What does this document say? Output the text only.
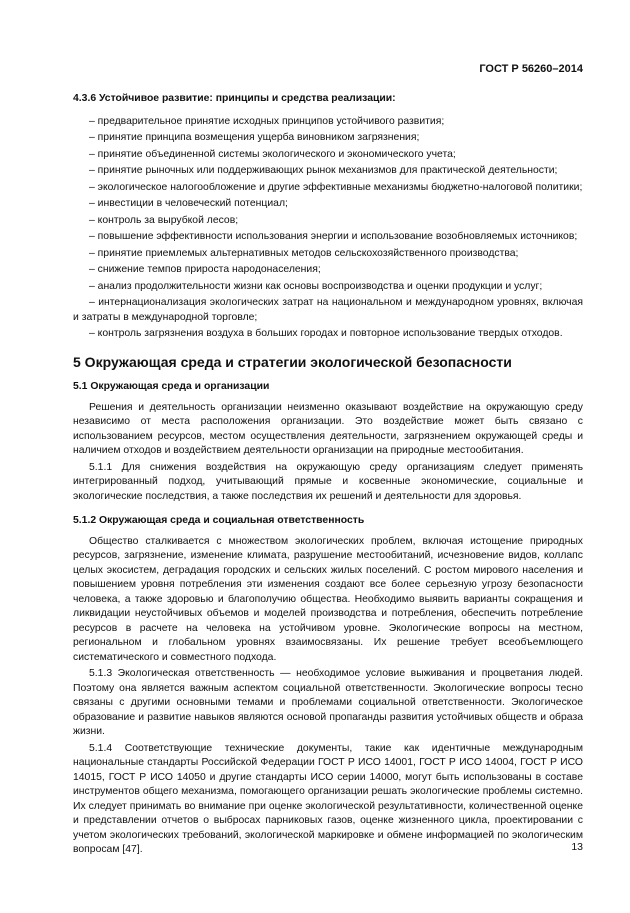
ГОСТ Р 56260–2014
4.3.6 Устойчивое развитие: принципы и средства реализации:
– предварительное принятие исходных принципов устойчивого развития;
– принятие принципа возмещения ущерба виновником загрязнения;
– принятие объединенной системы экологического и экономического учета;
– принятие рыночных или поддерживающих рынок механизмов для практической деятельности;
– экологическое налогообложение и другие эффективные механизмы бюджетно-налоговой политики;
– инвестиции в человеческий потенциал;
– контроль за вырубкой лесов;
– повышение эффективности использования энергии и использование возобновляемых источников;
– принятие приемлемых альтернативных методов сельскохозяйственного производства;
– снижение темпов прироста народонаселения;
– анализ продолжительности жизни как основы воспроизводства и оценки продукции и услуг;
– интернационализация экологических затрат на национальном и международном уровнях, включая и затраты в международной торговле;
– контроль загрязнения воздуха в больших городах и повторное использование твердых отходов.
5 Окружающая среда и стратегии экологической безопасности
5.1 Окружающая среда и организации
Решения и деятельность организации неизменно оказывают воздействие на окружающую среду независимо от места расположения организации. Это воздействие может быть связано с использованием ресурсов, местом осуществления деятельности, загрязнением окружающей среды и наличием отходов и воздействием деятельности организации на природные местообитания.
5.1.1 Для снижения воздействия на окружающую среду организациям следует применять интегрированный подход, учитывающий прямые и косвенные экономические, социальные и экологические последствия, а также последствия их решений и деятельности для здоровья.
5.1.2 Окружающая среда и социальная ответственность
Общество сталкивается с множеством экологических проблем, включая истощение природных ресурсов, загрязнение, изменение климата, разрушение местообитаний, исчезновение видов, коллапс целых экосистем, деградация городских и сельских жилых поселений. С ростом мирового населения и повышением уровня потребления эти изменения создают все более серьезную угрозу безопасности человека, а также здоровью и благополучию общества. Необходимо выявить варианты сокращения и ликвидации неустойчивых объемов и моделей производства и потребления, обеспечить потребление ресурсов в расчете на человека на устойчивом уровне. Экологические вопросы на местном, региональном и глобальном уровнях взаимосвязаны. Их решение требует всеобъемлющего систематического и совместного подхода.
5.1.3 Экологическая ответственность — необходимое условие выживания и процветания людей. Поэтому она является важным аспектом социальной ответственности. Экологические вопросы тесно связаны с другими основными темами и проблемами социальной ответственности. Экологическое образование и развитие навыков являются основой пропаганды развития устойчивых обществ и образа жизни.
5.1.4 Соответствующие технические документы, такие как идентичные международным национальные стандарты Российской Федерации ГОСТ Р ИСО 14001, ГОСТ Р ИСО 14004, ГОСТ Р ИСО 14015, ГОСТ Р ИСО 14050 и другие стандарты ИСО серии 14000, могут быть использованы в составе инструментов общего механизма, помогающего организации решать экологические проблемы системно. Их следует принимать во внимание при оценке экологической результативности, количественной оценке и представлении отчетов о выбросах парниковых газов, оценке жизненного цикла, проектировании с учетом экологических требований, экологической маркировке и обмене информацией по экологическим вопросам [47].	13
